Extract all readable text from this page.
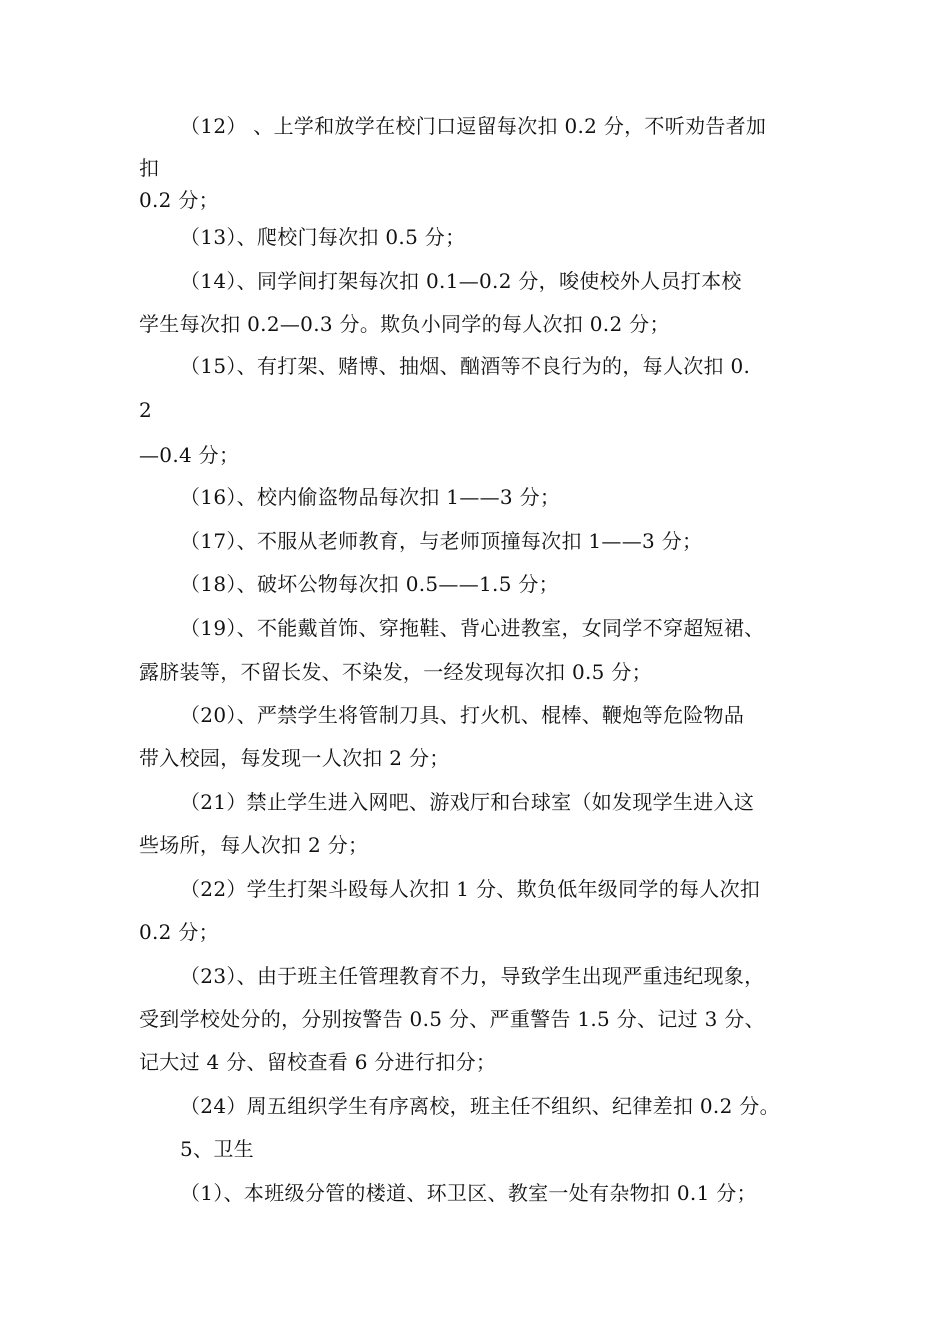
（12） 、上学和放学在校门口逗留每次扣 0.2 分，不听劝告者加
扣
0.2 分；
（13）、爬校门每次扣 0.5 分；
（14）、同学间打架每次扣 0.1—0.2 分，唆使校外人员打本校
学生每次扣 0.2—0.3 分。欺负小同学的每人次扣 0.2 分；
（15）、有打架、赌博、抽烟、酗酒等不良行为的，每人次扣 0.
2
—0.4 分；
（16）、校内偷盗物品每次扣 1——3 分；
（17）、不服从老师教育，与老师顶撞每次扣 1——3 分；
（18）、破坏公物每次扣 0.5——1.5 分；
（19）、不能戴首饰、穿拖鞋、背心进教室，女同学不穿超短裙、
露脐装等，不留长发、不染发，一经发现每次扣 0.5 分；
（20）、严禁学生将管制刀具、打火机、棍棒、鞭炮等危险物品
带入校园，每发现一人次扣 2 分；
（21）禁止学生进入网吧、游戏厅和台球室（如发现学生进入这
些场所，每人次扣 2 分；
（22）学生打架斗殴每人次扣 1 分、欺负低年级同学的每人次扣
0.2 分；
（23）、由于班主任管理教育不力，导致学生出现严重违纪现象，
受到学校处分的，分别按警告 0.5 分、严重警告 1.5 分、记过 3 分、
记大过 4 分、留校查看 6 分进行扣分；
（24）周五组织学生有序离校，班主任不组织、纪律差扣 0.2 分。
5、卫生
（1）、本班级分管的楼道、环卫区、教室一处有杂物扣 0.1 分；
